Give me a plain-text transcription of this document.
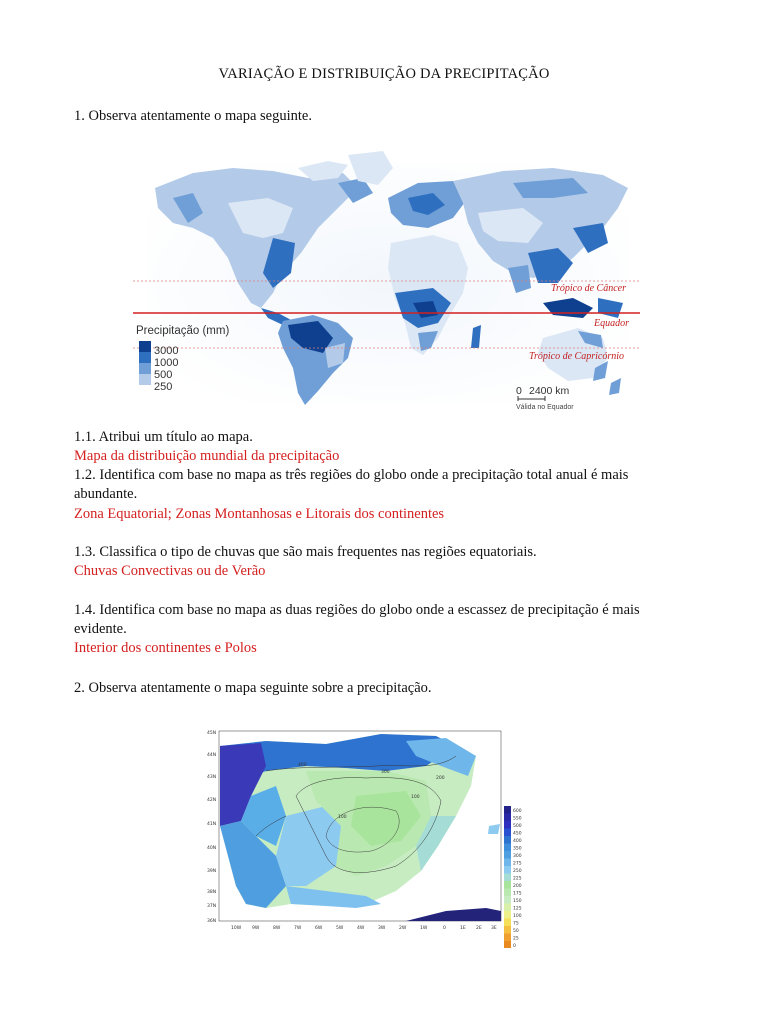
VARIAÇÃO E DISTRIBUIÇÃO DA PRECIPITAÇÃO
1. Observa atentamente o mapa seguinte.
Trópico de Câncer
Equador
Trópico de Capricórnio
Precipitação (mm)
3000
1000
500
250	0 2400 km
Válida no Equador
1.1. Atribui um título ao mapa.
Mapa da distribuição mundial da precipitação
1.2. Identifica com base no mapa as três regiões do globo onde a precipitação total anual é mais
abundante.
Zona Equatorial; Zonas Montanhosas e Litorais dos continentes
1.3. Classifica o tipo de chuvas que são mais frequentes nas regiões equatoriais.
Chuvas Convectivas ou de Verão
1.4. Identifica com base no mapa as duas regiões do globo onde a escassez de precipitação é mais
evidente.
Interior dos continentes e Polos
2. Observa atentamente o mapa seguinte sobre a precipitação.
400
300
200
100
100
45N
44N
43N
42N
41N
40N
39N
38N
37N
36N
10W 9W	8W	7W	6W	5W	4W	3W	2W	1W	0	1E 2E 3E
600
550
500
450
400
350
300
275
250
225
200
175
150
125
100
75
50
25
0
